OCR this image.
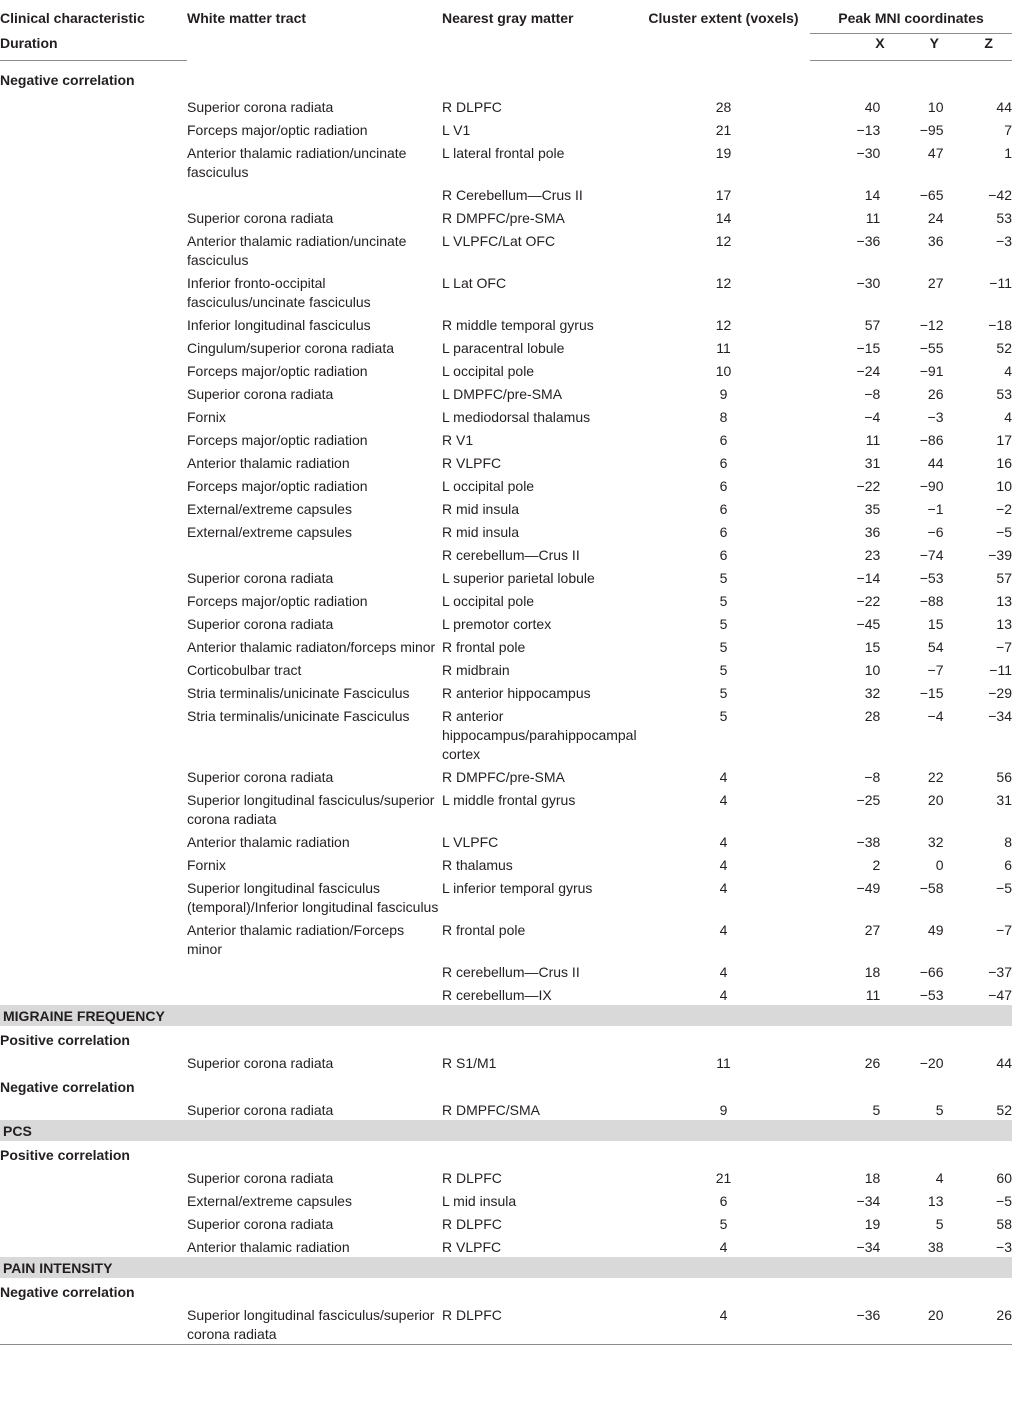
Clinical characteristic	White matter tract	Nearest gray matter	Cluster extent (voxels)	Peak MNI coordinates
Duration				X Y Z

Negative correlation				
	Superior corona radiata	R DLPFC	28	40 10 44

	Forceps major/optic radiation	L V1	21	−13 −95 7

	Anterior thalamic radiation/uncinate fasciculus	L lateral frontal pole	19	−30 47 1

		R Cerebellum—Crus II	17	14 −65 −42

	Superior corona radiata	R DMPFC/pre-SMA	14	11 24 53

	Anterior thalamic radiation/uncinate fasciculus	L VLPFC/Lat OFC	12	−36 36 −3

	Inferior fronto-occipital fasciculus/uncinate fasciculus	L Lat OFC	12	−30 27 −11

	Inferior longitudinal fasciculus	R middle temporal gyrus	12	57 −12 −18

	Cingulum/superior corona radiata	L paracentral lobule	11	−15 −55 52

	Forceps major/optic radiation	L occipital pole	10	−24 −91 4

	Superior corona radiata	L DMPFC/pre-SMA	9	−8 26 53

	Fornix	L mediodorsal thalamus	8	−4 −3 4

	Forceps major/optic radiation	R V1	6	11 −86 17

	Anterior thalamic radiation	R VLPFC	6	31 44 16

	Forceps major/optic radiation	L occipital pole	6	−22 −90 10

	External/extreme capsules	R mid insula	6	35 −1 −2

	External/extreme capsules	R mid insula	6	36 −6 −5

		R cerebellum—Crus II	6	23 −74 −39

	Superior corona radiata	L superior parietal lobule	5	−14 −53 57

	Forceps major/optic radiation	L occipital pole	5	−22 −88 13

	Superior corona radiata	L premotor cortex	5	−45 15 13

	Anterior thalamic radiaton/forceps minor	R frontal pole	5	15 54 −7

	Corticobulbar tract	R midbrain	5	10 −7 −11

	Stria terminalis/unicinate Fasciculus	R anterior hippocampus	5	32 −15 −29

	Stria terminalis/unicinate Fasciculus	R anterior hippocampus/parahippocampal cortex	5	28 −4 −34

	Superior corona radiata	R DMPFC/pre-SMA	4	−8 22 56

	Superior longitudinal fasciculus/superior corona radiata	L middle frontal gyrus	4	−25 20 31

	Anterior thalamic radiation	L VLPFC	4	−38 32 8

	Fornix	R thalamus	4	2 0 6

	Superior longitudinal fasciculus (temporal)/Inferior longitudinal fasciculus	L inferior temporal gyrus	4	−49 −58 −5

	Anterior thalamic radiation/Forceps minor	R frontal pole	4	27 49 −7

		R cerebellum—Crus II	4	18 −66 −37

		R cerebellum—IX	4	11 −53 −47

MIGRAINE FREQUENCY				
Positive correlation				
	Superior corona radiata	R S1/M1	11	26 −20 44

Negative correlation				
	Superior corona radiata	R DMPFC/SMA	9	5 5 52

PCS				
Positive correlation				
	Superior corona radiata	R DLPFC	21	18 4 60

	External/extreme capsules	L mid insula	6	−34 13 −5

	Superior corona radiata	R DLPFC	5	19 5 58

	Anterior thalamic radiation	R VLPFC	4	−34 38 −3

PAIN INTENSITY				
Negative correlation				
	Superior longitudinal fasciculus/superior corona radiata	R DLPFC	4	−36 20 26
